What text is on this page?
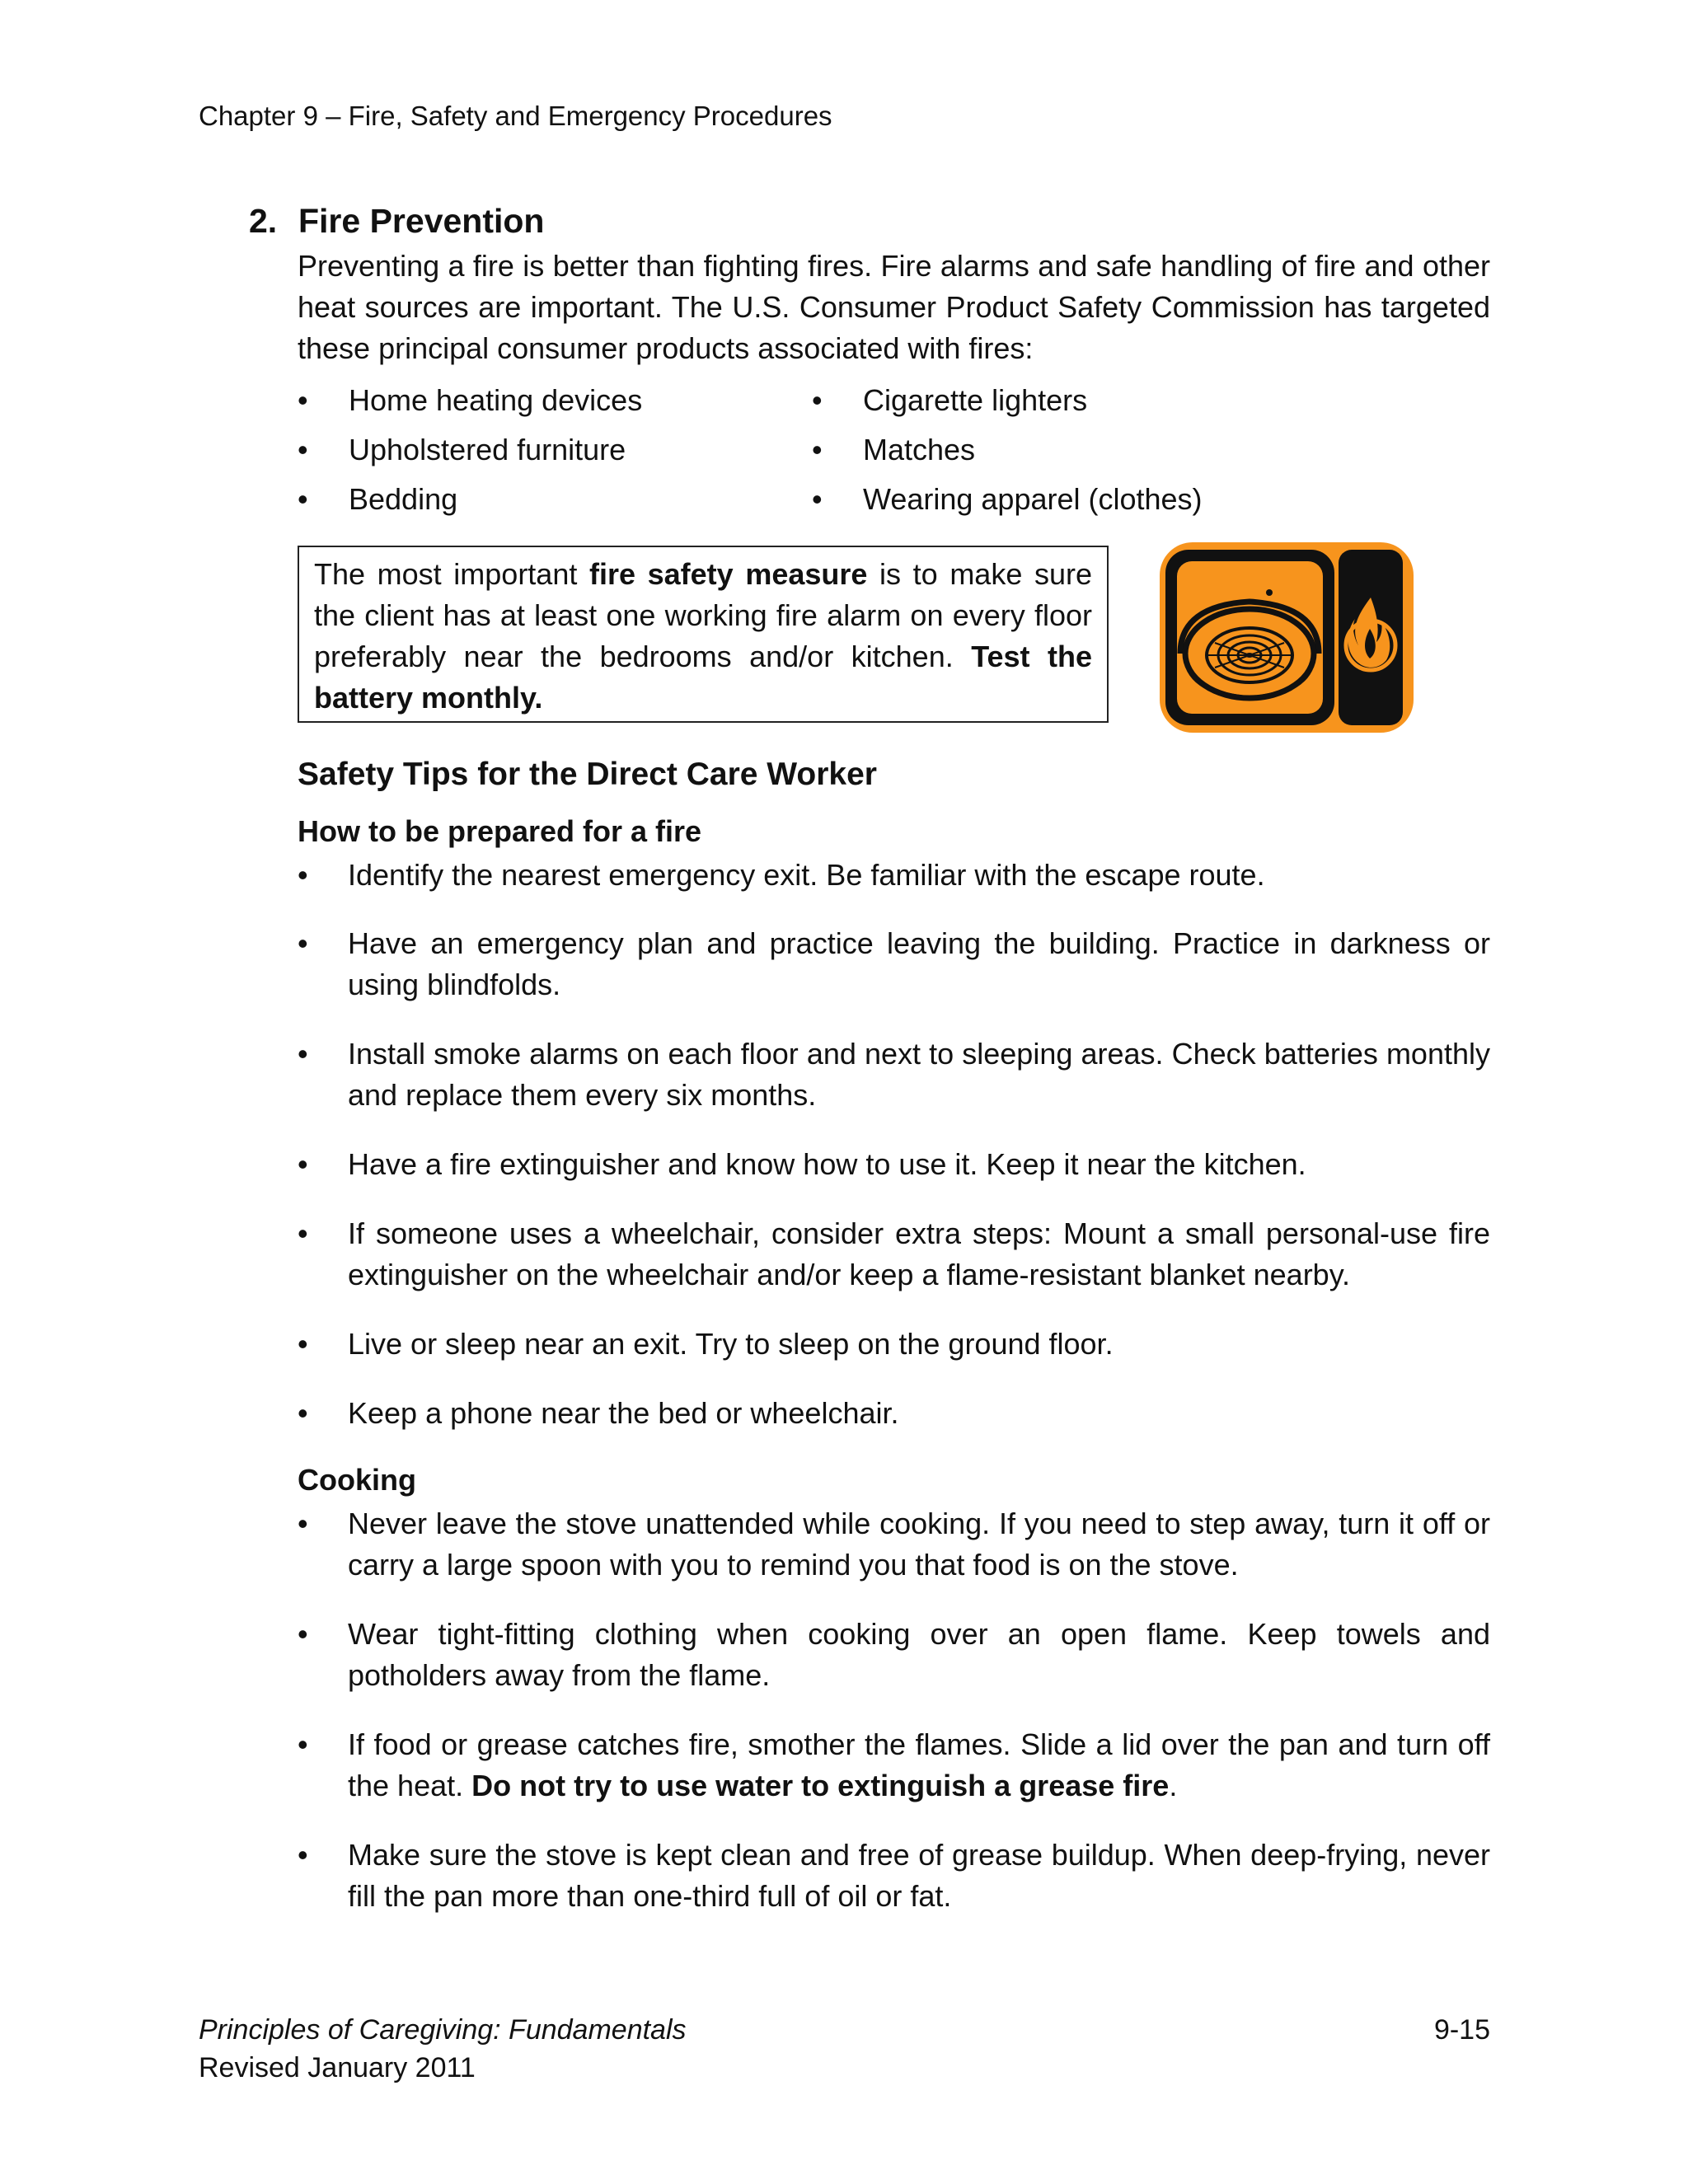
Chapter 9 – Fire, Safety and Emergency Procedures
2. Fire Prevention
Preventing a fire is better than fighting fires. Fire alarms and safe handling of fire and other heat sources are important. The U.S. Consumer Product Safety Commission has targeted these principal consumer products associated with fires:
• Home heating devices
• Upholstered furniture
• Bedding
• Cigarette lighters
• Matches
• Wearing apparel (clothes)

The most important fire safety measure is to make sure the client has at least one working fire alarm on every floor preferably near the bedrooms and/or kitchen. Test the battery monthly.

Safety Tips for the Direct Care Worker
How to be prepared for a fire
• Identify the nearest emergency exit. Be familiar with the escape route.
• Have an emergency plan and practice leaving the building. Practice in darkness or using blindfolds.
• Install smoke alarms on each floor and next to sleeping areas. Check batteries monthly and replace them every six months.
• Have a fire extinguisher and know how to use it. Keep it near the kitchen.
• If someone uses a wheelchair, consider extra steps: Mount a small personal-use fire extinguisher on the wheelchair and/or keep a flame-resistant blanket nearby.
• Live or sleep near an exit. Try to sleep on the ground floor.
• Keep a phone near the bed or wheelchair.
Cooking
• Never leave the stove unattended while cooking. If you need to step away, turn it off or carry a large spoon with you to remind you that food is on the stove.
• Wear tight-fitting clothing when cooking over an open flame. Keep towels and potholders away from the flame.
• If food or grease catches fire, smother the flames. Slide a lid over the pan and turn off the heat. Do not try to use water to extinguish a grease fire.
• Make sure the stove is kept clean and free of grease buildup. When deep-frying, never fill the pan more than one-third full of oil or fat.
Principles of Caregiving: Fundamentals
Revised January 2011
9-15
